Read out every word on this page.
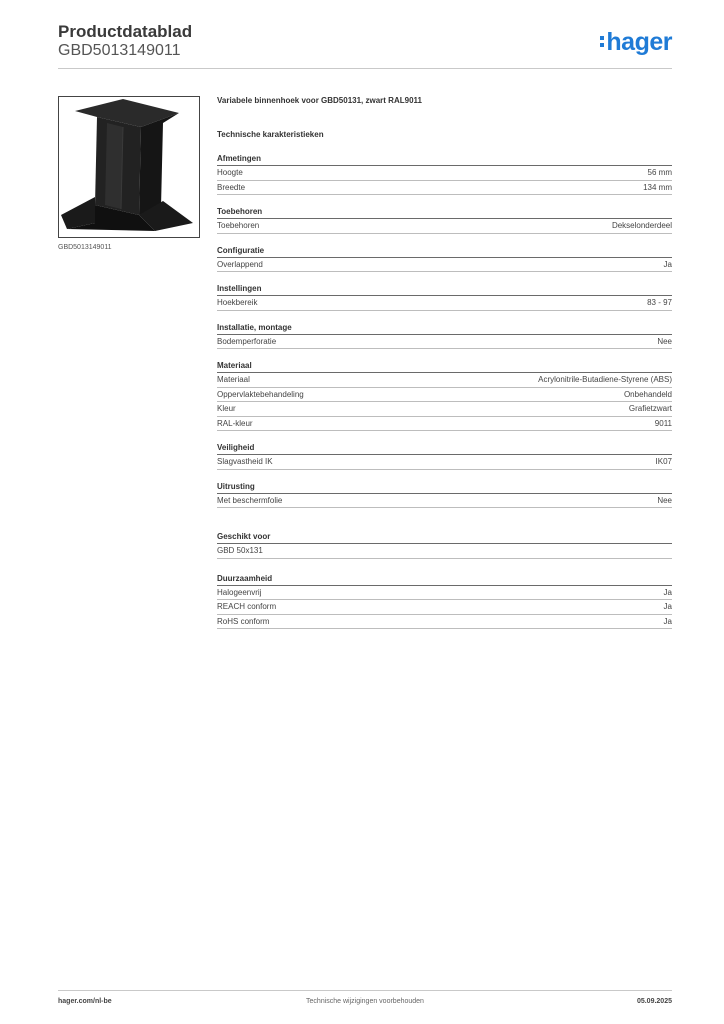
Productdatablad
GBD5013149011	hager
GBD5013149011
Variabele binnenhoek voor GBD50131, zwart RAL9011
Technische karakteristieken
Afmetingen
Hoogte	56 mm
Breedte	134 mm
Toebehoren
Toebehoren	Dekselonderdeel
Configuratie
Overlappend	Ja
Instellingen
Hoekbereik	83 - 97
Installatie, montage
Bodemperforatie	Nee
Materiaal
Materiaal	Acrylonitrile-Butadiene-Styrene (ABS)
Oppervlaktebehandeling	Onbehandeld
Kleur	Grafietzwart
RAL-kleur	9011
Veiligheid
Slagvastheid IK	IK07
Uitrusting
Met beschermfolie	Nee
Geschikt voor
GBD 50x131
Duurzaamheid
Halogeenvrij	Ja
REACH conform	Ja
RoHS conform	Ja
hager.com/nl-be	Technische wijzigingen voorbehouden	05.09.2025
